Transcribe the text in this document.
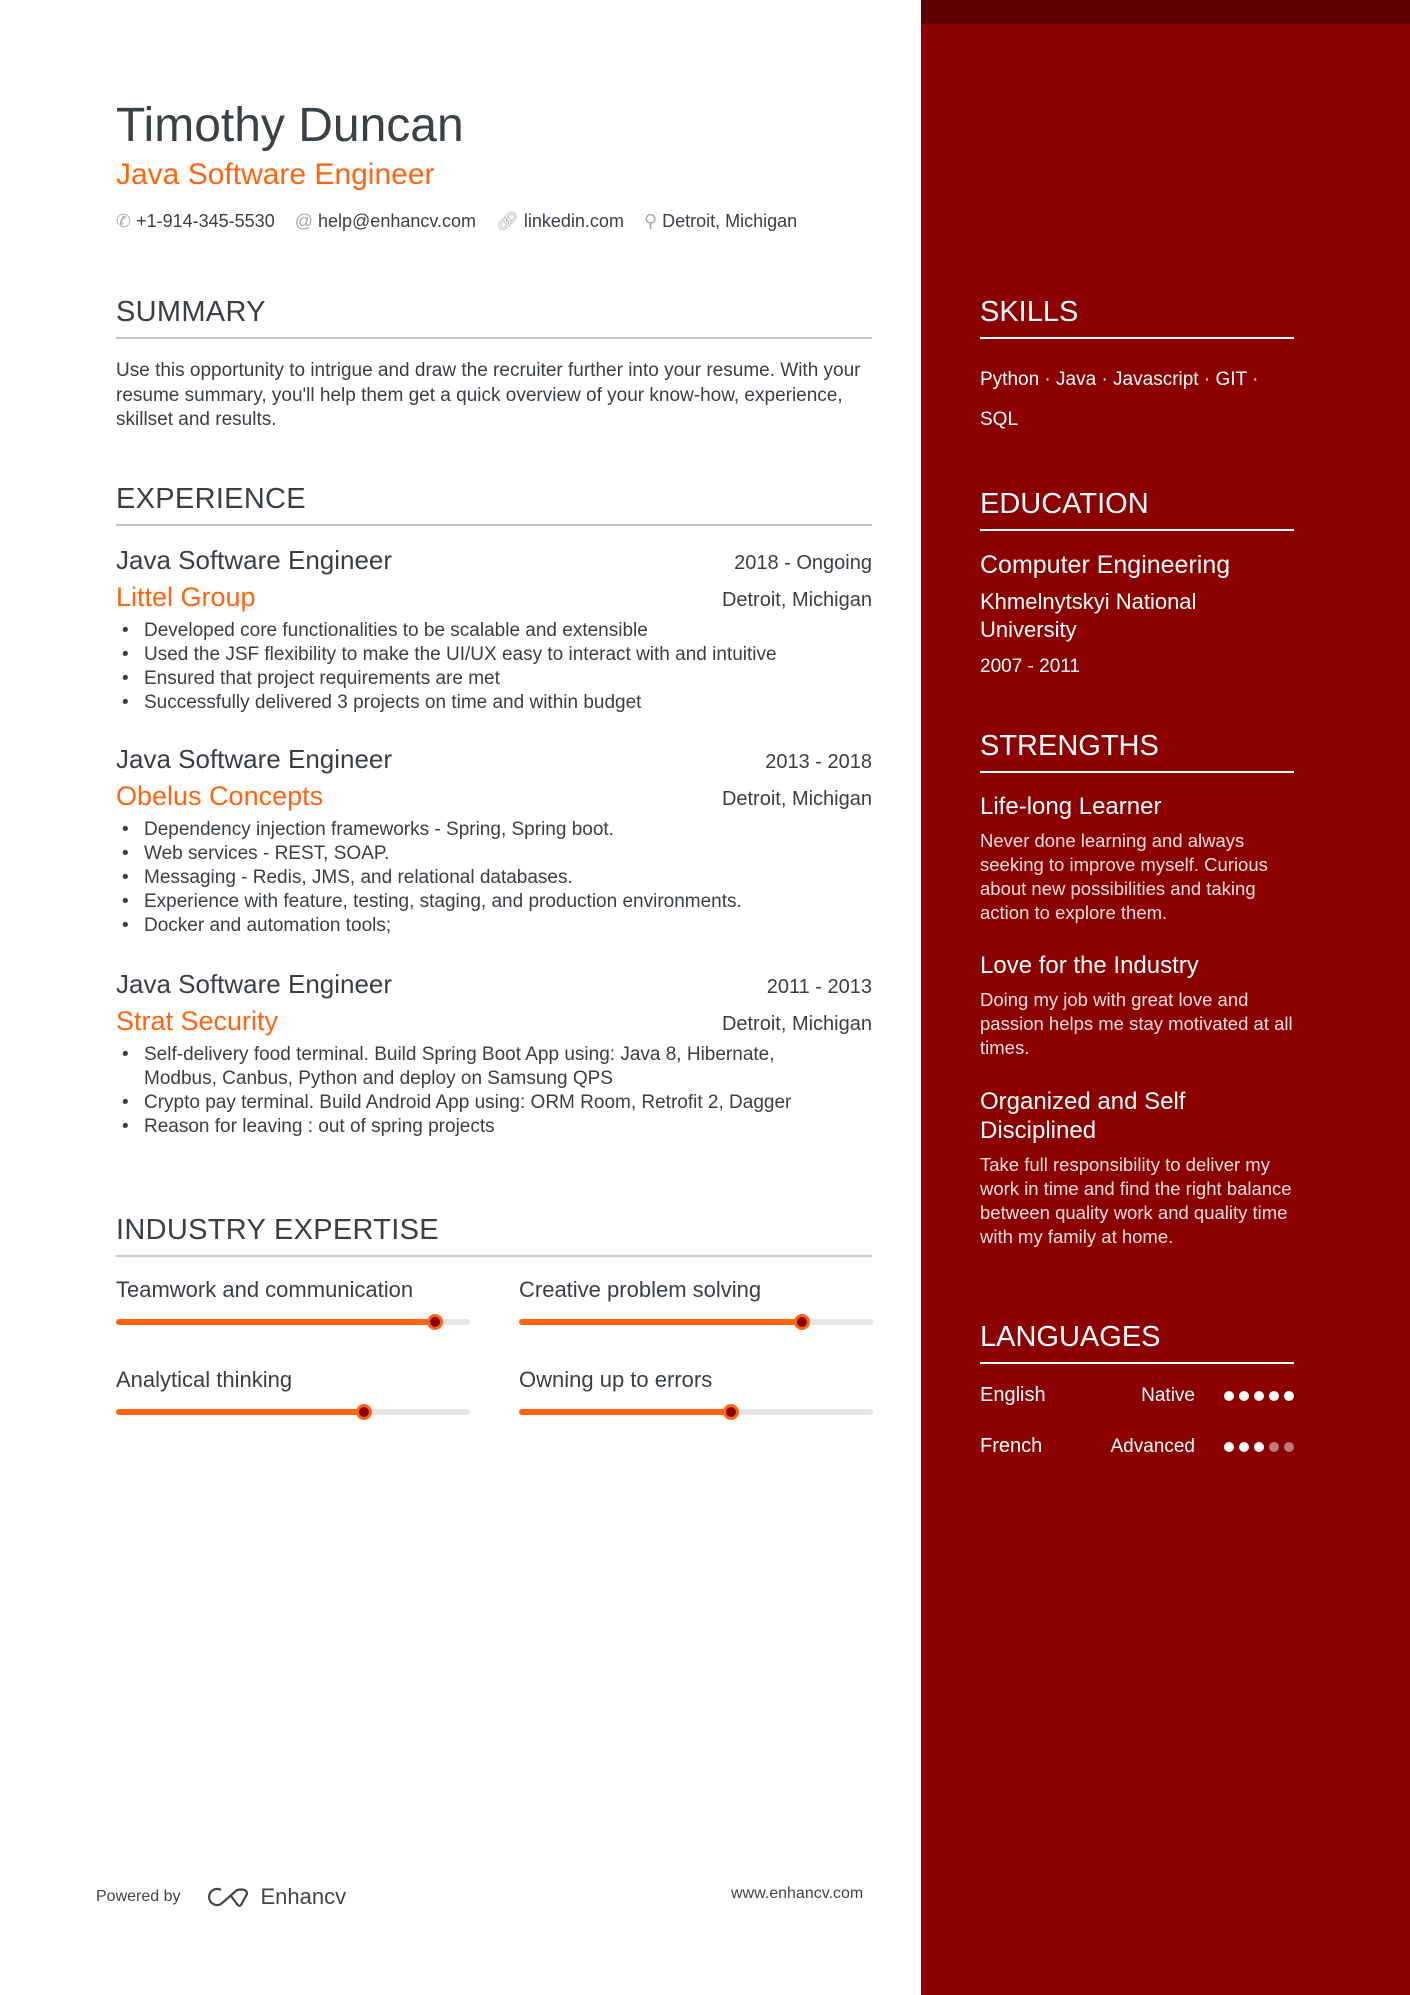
Timothy Duncan
Java Software Engineer
✆ +1-914-345-5530 @ help@enhancv.com 🔗︎ linkedin.com ⚲ Detroit, Michigan
SUMMARY
Use this opportunity to intrigue and draw the recruiter further into your resume. With your resume summary, you'll help them get a quick overview of your know-how, experience, skillset and results.
EXPERIENCE
Java Software Engineer	2018 - Ongoing
Littel Group	Detroit, Michigan
• Developed core functionalities to be scalable and extensible
• Used the JSF flexibility to make the UI/UX easy to interact with and intuitive
• Ensured that project requirements are met
• Successfully delivered 3 projects on time and within budget
Java Software Engineer	2013 - 2018
Obelus Concepts	Detroit, Michigan
• Dependency injection frameworks - Spring, Spring boot.
• Web services - REST, SOAP.
• Messaging - Redis, JMS, and relational databases.
• Experience with feature, testing, staging, and production environments.
• Docker and automation tools;
Java Software Engineer	2011 - 2013
Strat Security	Detroit, Michigan
• Self-delivery food terminal. Build Spring Boot App using: Java 8, Hibernate, Modbus, Canbus, Python and deploy on Samsung QPS
• Crypto pay terminal. Build Android App using: ORM Room, Retrofit 2, Dagger
• Reason for leaving : out of spring projects
INDUSTRY EXPERTISE
Teamwork and communication	Creative problem solving
Analytical thinking	Owning up to errors
SKILLS
Python · Java · Javascript · GIT ·
SQL
EDUCATION
Computer Engineering
Khmelnytskyi National University
2007 - 2011
STRENGTHS
Life-long Learner
Never done learning and always seeking to improve myself. Curious about new possibilities and taking action to explore them.
Love for the Industry
Doing my job with great love and passion helps me stay motivated at all times.
Organized and Self Disciplined
Take full responsibility to deliver my work in time and find the right balance between quality work and quality time with my family at home.
LANGUAGES
English	Native
French	Advanced
Powered by	Enhancv	www.enhancv.com
